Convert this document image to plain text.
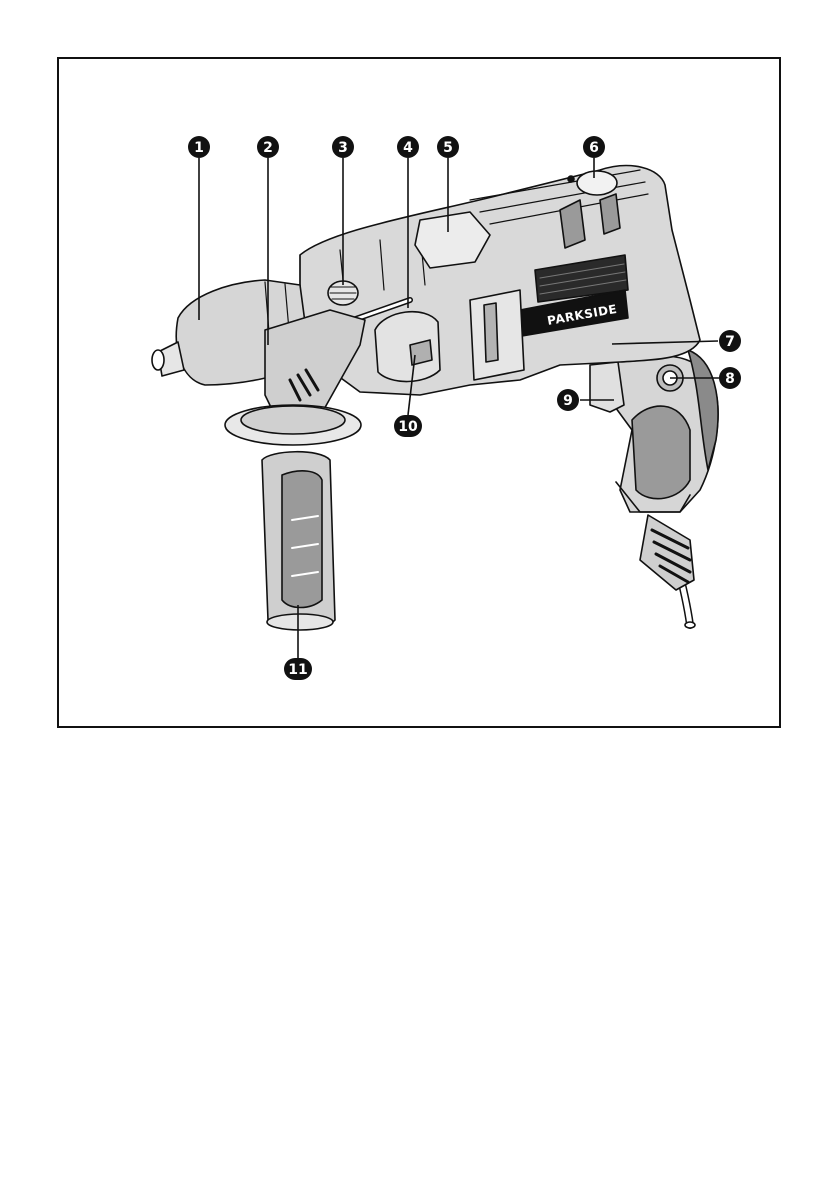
PARKSIDE
1	2	3	4 5	6
7
8
9
10
11
